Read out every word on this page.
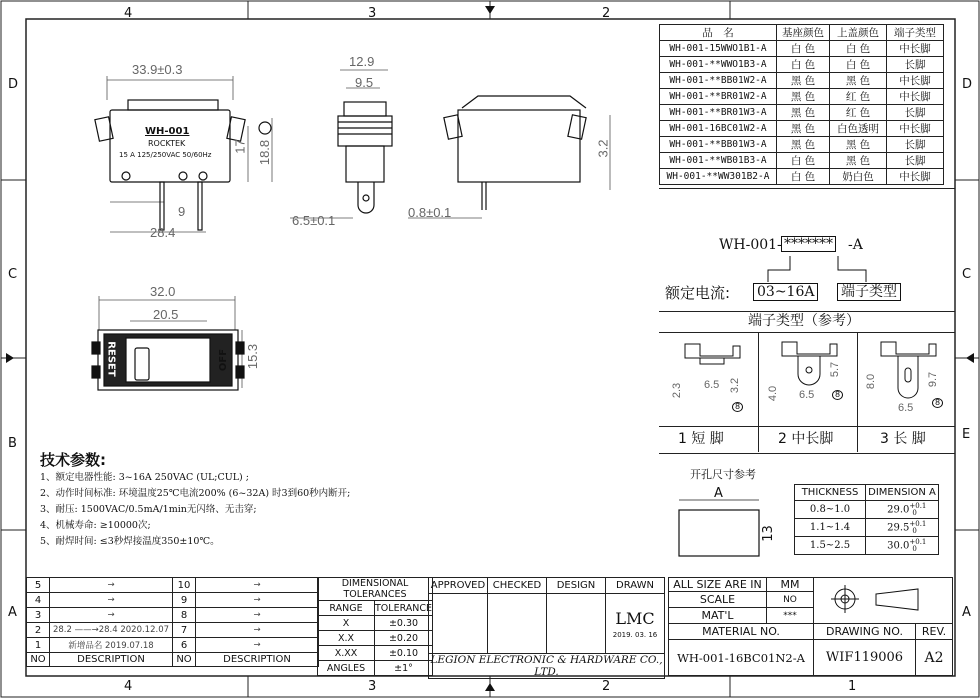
4	3	2
4	3	2	1
D
C
B
A
D
C
E
A
33.9±0.3
WH-001
ROCKTEK
15 A 125/250VAC 50/60Hz
17 18.8
9
28.4
12.9
9.5
6.5±0.1
0.8±0.1
3.2
32.0
20.5
15.3
RESET	OFF
品　名	基座颜色	上盖颜色	端子类型
WH-001-15WWO1B1-A	白 色	白 色	中长脚
WH-001-**WWO1B3-A	白 色	白 色	长脚
WH-001-**BB01W2-A	黑 色	黑 色	中长脚
WH-001-**BR01W2-A	黑 色	红 色	中长脚
WH-001-**BR01W3-A	黑 色	红 色	长脚
WH-001-16BC01W2-A	黑 色	白色透明	中长脚
WH-001-**BB01W3-A	黑 色	黑 色	长脚
WH-001-**WB01B3-A	白 色	黑 色	长脚
WH-001-**WW301B2-A	白 色	奶白色	中长脚
WH-001- ******* -A
额定电流: 03~16A 端子类型
端子类型（参考）
1 短 脚	2 中长脚	3 长 脚
2.3 6.5 3.2
8
4.0 6.5
5.7
8
8.0
6.5
9.7
8
开孔尺寸参考
A
13
THICKNESS	DIMENSION A
0.8~1.0	$29.0^{+0.1}_0$
1.1~1.4	$29.5^{+0.1}_0$
1.5~2.5	$30.0^{+0.1}_0$
技术参数:
1、额定电器性能: 3~16A 250VAC (UL;CUL) ;
2、动作时间标准: 环境温度25℃电流200% (6~32A) 时3到60秒内断开;
3、耐压: 1500VAC/0.5mA/1min无闪络、无击穿;
4、机械寿命: ≥10000次;
5、耐焊时间: ≤3秒焊接温度350±10℃。
5	→
4	→
3	→
2	28.2 ——→28.4 2020.12.07
1	新增品名 2019.07.18
NO	DESCRIPTION
10	→
9	→
8	→
7	→
6	→
NO	DESCRIPTION
DIMENSIONAL TOLERANCES	
RANGE	TOLERANCE
X	±0.30
X.X	±0.20
X.XX	±0.10
ANGLES	±1°
APPROVED	CHECKED	DESIGN	DRAWN

			LMC
2019. 03. 16

LEGION ELECTRONIC & HARDWARE CO., LTD.			
ALL SIZE ARE IN	MM		
SCALE	NO		
MAT'L	***		
MATERIAL NO.		DRAWING NO.	REV.
WH-001-16BC01N2-A		WIF119006	A2
